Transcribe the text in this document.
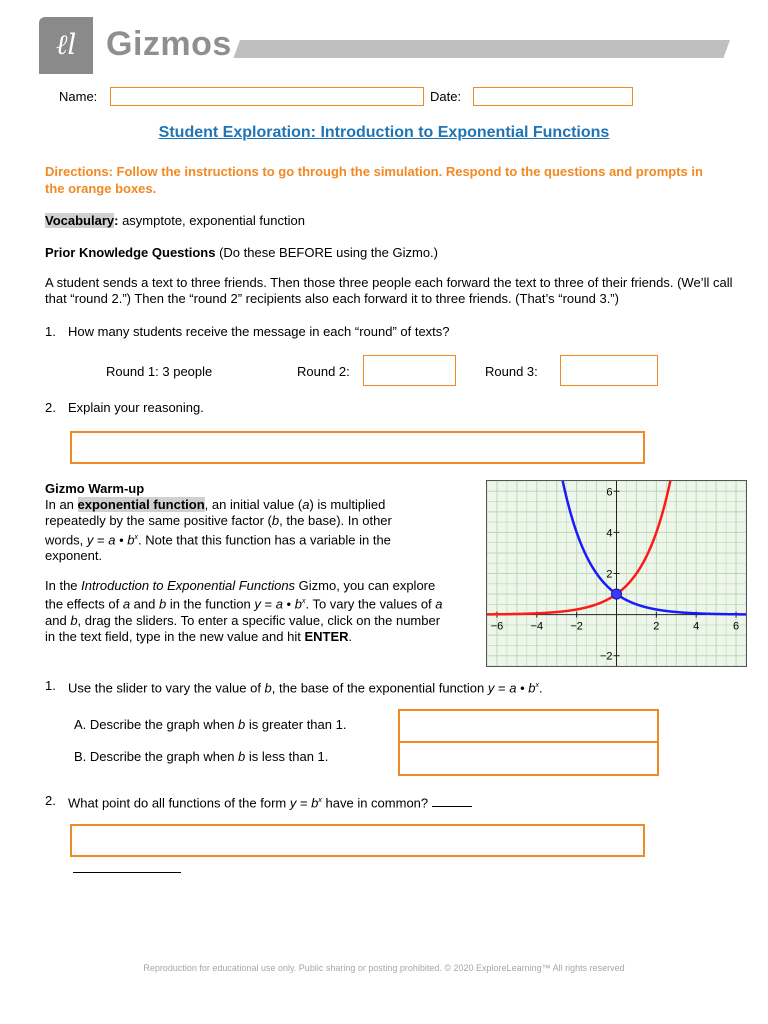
ℓl Gizmos
Name:	Date:
Student Exploration: Introduction to Exponential Functions
Directions: Follow the instructions to go through the simulation. Respond to the questions and prompts in the orange boxes.
Vocabulary: asymptote, exponential function
Prior Knowledge Questions (Do these BEFORE using the Gizmo.)
A student sends a text to three friends. Then those three people each forward the text to three of their friends. (We’ll call that “round 2.”) Then the “round 2” recipients also each forward it to three friends. (That’s “round 3.”)
1. How many students receive the message in each “round” of texts?
Round 1: 3 people	Round 2:	Round 3:
2. Explain your reasoning.
Gizmo Warm-up
In an exponential function, an initial value (a) is multiplied repeatedly by the same positive factor (b, the base). In other words, y = a • $b^x$. Note that this function has a variable in the exponent.
In the Introduction to Exponential Functions Gizmo, you can explore the effects of a and b in the function y = a • $b^x$. To vary the values of a and b, drag the sliders. To enter a specific value, click on the number in the text field, type in the new value and hit ENTER.
−6 −4 −2	2	4	6
−2
2
4
6
1. Use the slider to vary the value of b, the base of the exponential function y = a • $b^x$.
A. Describe the graph when b is greater than 1.
B. Describe the graph when b is less than 1.
2. What point do all functions of the form $y = b^x$ have in common?
Reproduction for educational use only. Public sharing or posting prohibited. © 2020 ExploreLearning™ All rights reserved
